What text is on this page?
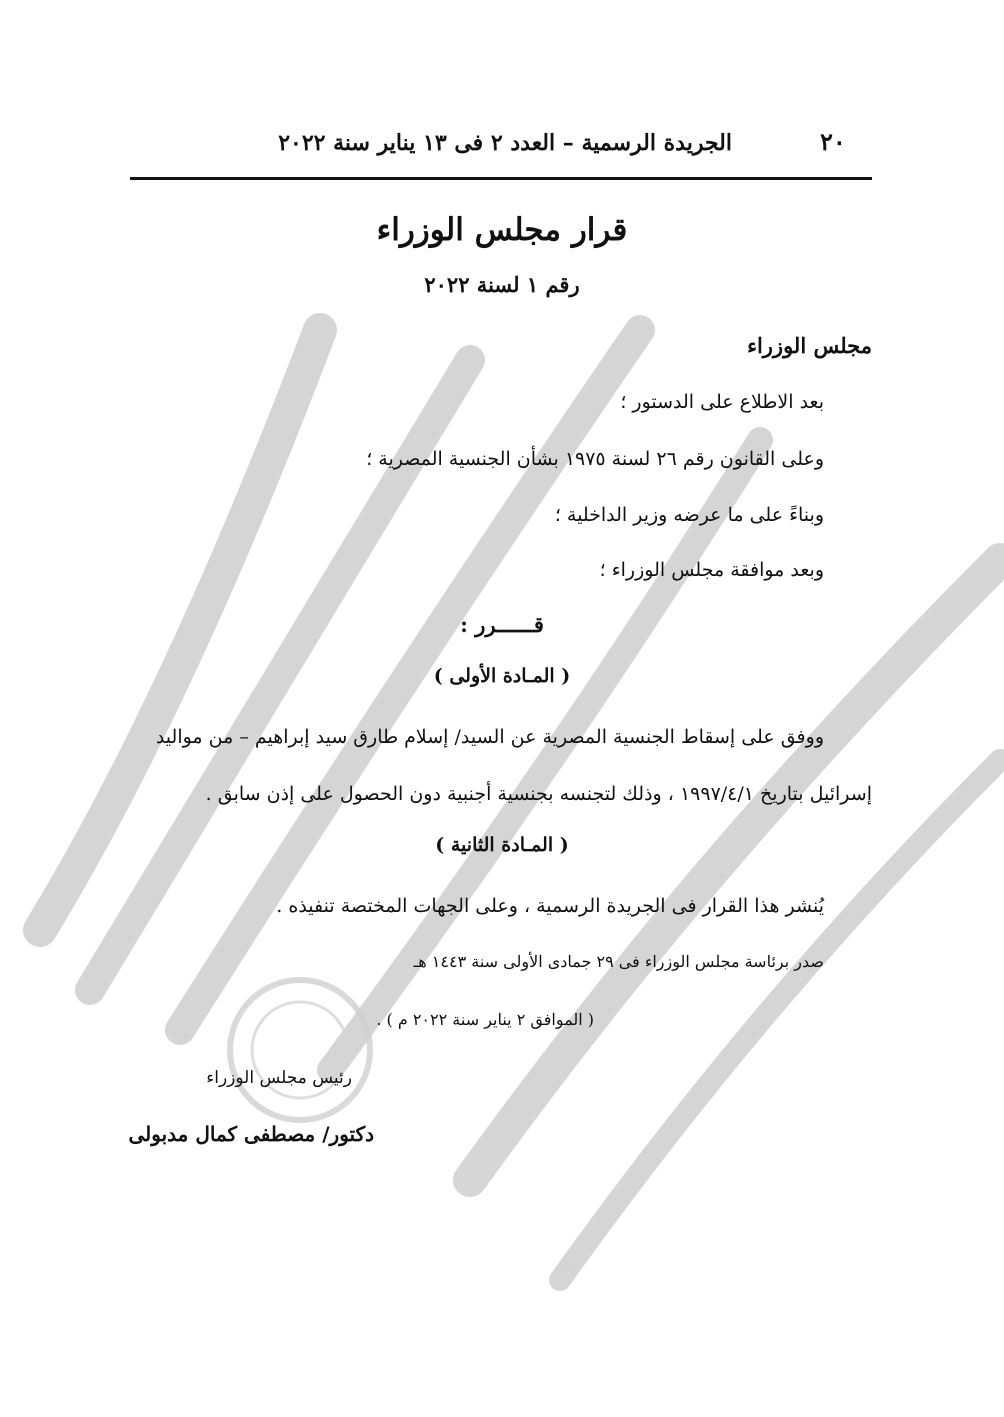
٢٠
الجريدة الرسمية – العدد ٢ فى ١٣ يناير سنة ٢٠٢٢
قرار مجلس الوزراء
رقم ١ لسنة ٢٠٢٢
مجلس الوزراء
بعد الاطلاع على الدستور ؛
وعلى القانون رقم ٢٦ لسنة ١٩٧٥ بشأن الجنسية المصرية ؛
وبناءً على ما عرضه وزير الداخلية ؛
وبعد موافقة مجلس الوزراء ؛
قــــــرر :
( المـادة الأولى )
ووفق على إسقاط الجنسية المصرية عن السيد/ إسلام طارق سيد إبراهيم – من مواليد
إسرائيل بتاريخ ١٩٩٧/٤/١ ، وذلك لتجنسه بجنسية أجنبية دون الحصول على إذن سابق .
( المـادة الثانية )
يُنشر هذا القرار فى الجريدة الرسمية ، وعلى الجهات المختصة تنفيذه .
صدر برئاسة مجلس الوزراء فى ٢٩ جمادى الأولى سنة ١٤٤٣ هـ
( الموافق ٢ يناير سنة ٢٠٢٢ م ) .
رئيس مجلس الوزراء
دكتور/ مصطفى كمال مدبولى
